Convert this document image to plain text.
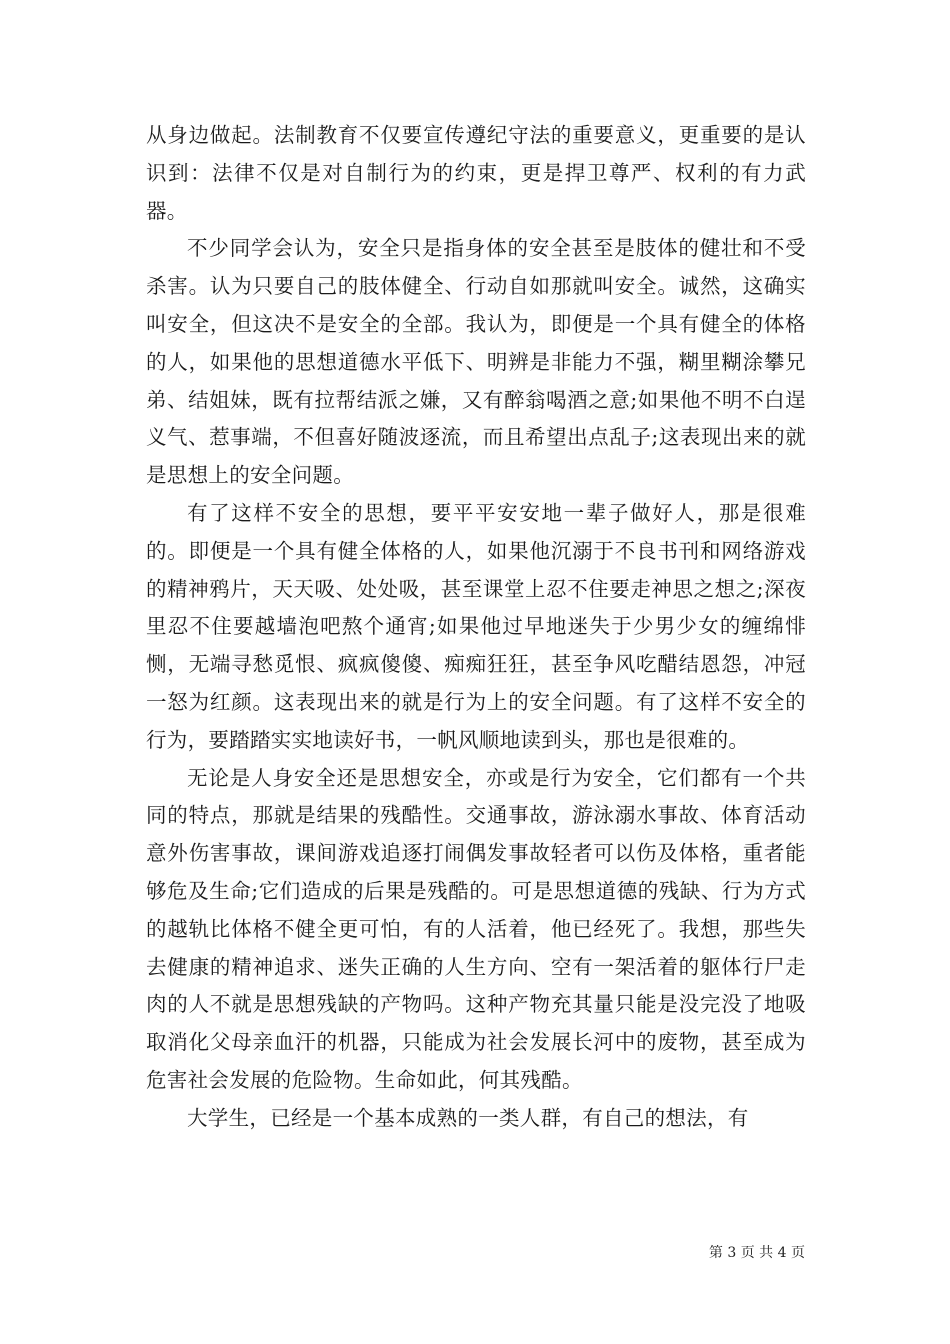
从身边做起。法制教育不仅要宣传遵纪守法的重要意义，更重要的是认识到：法律不仅是对自制行为的约束，更是捍卫尊严、权利的有力武器。

不少同学会认为，安全只是指身体的安全甚至是肢体的健壮和不受杀害。认为只要自己的肢体健全、行动自如那就叫安全。诚然，这确实叫安全，但这决不是安全的全部。我认为，即便是一个具有健全的体格的人，如果他的思想道德水平低下、明辨是非能力不强，糊里糊涂攀兄弟、结姐妹，既有拉帮结派之嫌，又有醉翁喝酒之意;如果他不明不白逞义气、惹事端，不但喜好随波逐流，而且希望出点乱子;这表现出来的就是思想上的安全问题。

有了这样不安全的思想，要平平安安地一辈子做好人，那是很难的。即便是一个具有健全体格的人，如果他沉溺于不良书刊和网络游戏的精神鸦片，天天吸、处处吸，甚至课堂上忍不住要走神思之想之;深夜里忍不住要越墙泡吧熬个通宵;如果他过早地迷失于少男少女的缠绵悱恻，无端寻愁觅恨、疯疯傻傻、痴痴狂狂，甚至争风吃醋结恩怨，冲冠一怒为红颜。这表现出来的就是行为上的安全问题。有了这样不安全的行为，要踏踏实实地读好书，一帆风顺地读到头，那也是很难的。

无论是人身安全还是思想安全，亦或是行为安全，它们都有一个共同的特点，那就是结果的残酷性。交通事故，游泳溺水事故、体育活动意外伤害事故，课间游戏追逐打闹偶发事故轻者可以伤及体格，重者能够危及生命;它们造成的后果是残酷的。可是思想道德的残缺、行为方式的越轨比体格不健全更可怕，有的人活着，他已经死了。我想，那些失去健康的精神追求、迷失正确的人生方向、空有一架活着的躯体行尸走肉的人不就是思想残缺的产物吗。这种产物充其量只能是没完没了地吸取消化父母亲血汗的机器，只能成为社会发展长河中的废物，甚至成为危害社会发展的危险物。生命如此，何其残酷。

大学生，已经是一个基本成熟的一类人群，有自己的想法，有

第 3 页 共 4 页
